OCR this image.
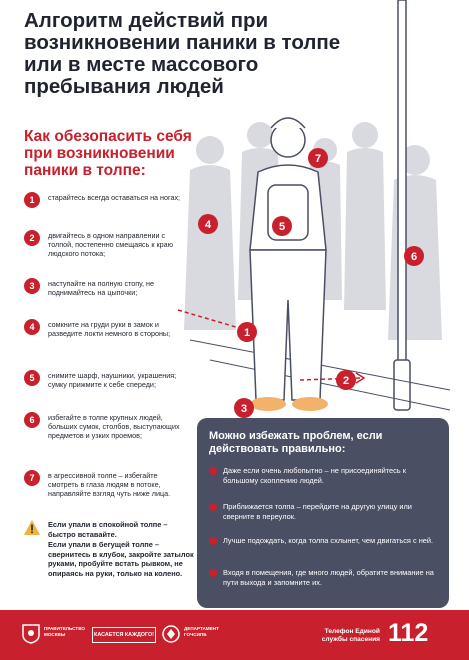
1
2
3
4	5
6
7
Алгоритм действий при возникновении паники в толпе или в месте массового пребывания людей
Как обезопасить себя при возникновении паники в толпе:
1	старайтесь всегда оставаться на ногах;
2	двигайтесь в одном направлении с толпой, постепенно смещаясь к краю людского потока;
3	наступайте на полную стопу, не поднимайтесь на цыпочки;
4	сомкните на груди руки в замок и разведите локти немного в стороны;
5	снимите шарф, наушники, украшения; сумку прижмите к себе спереди;
6	избегайте в толпе крупных людей, больших сумок, столбов, выступающих предметов и узких проемов;
7	в агрессивной толпе – избегайте смотреть в глаза людям в потоке, направляйте взгляд чуть ниже лица.

Если упали в спокойной толпе – быстро вставайте.

Если упали в бегущей толпе – свернитесь в клубок, закройте затылок руками, пробуйте встать рывком, не опираясь на руки, только на колено.

Можно избежать проблем, если действовать правильно:

Даже если очень любопытно – не присоединяйтесь к большому скоплению людей.
Приближается толпа – перейдите на другую улицу или сверните в переулок.
Лучше подождать, когда толпа схлынет, чем двигаться с ней.
Входя в помещения, где много людей, обратите внимание на пути выхода и запомните их.
ПРАВИТЕЛЬСТВО МОСКВЫ	КАСАЕТСЯ КАЖДОГО!
ДЕПАРТАМЕНТ ГОЧСИПБ	Телефон Единой службы спасения 112
